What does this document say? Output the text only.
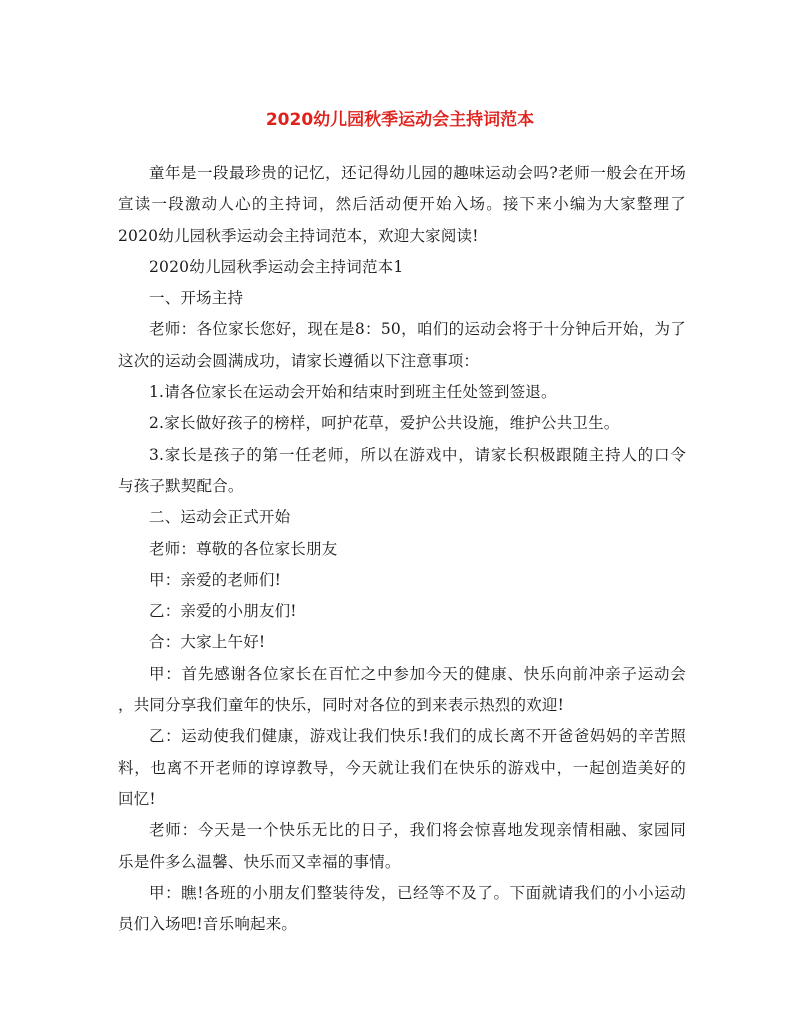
2020幼儿园秋季运动会主持词范本
童年是一段最珍贵的记忆，还记得幼儿园的趣味运动会吗?老师一般会在开场
宣读一段激动人心的主持词，然后活动便开始入场。接下来小编为大家整理了
2020幼儿园秋季运动会主持词范本，欢迎大家阅读!
2020幼儿园秋季运动会主持词范本1
一、开场主持
老师：各位家长您好，现在是8：50，咱们的运动会将于十分钟后开始，为了
这次的运动会圆满成功，请家长遵循以下注意事项：
1.请各位家长在运动会开始和结束时到班主任处签到签退。
2.家长做好孩子的榜样，呵护花草，爱护公共设施，维护公共卫生。
3.家长是孩子的第一任老师，所以在游戏中，请家长积极跟随主持人的口令
与孩子默契配合。
二、运动会正式开始
老师：尊敬的各位家长朋友
甲：亲爱的老师们!
乙：亲爱的小朋友们!
合：大家上午好!
甲：首先感谢各位家长在百忙之中参加今天的健康、快乐向前冲亲子运动会
，共同分享我们童年的快乐，同时对各位的到来表示热烈的欢迎!
乙：运动使我们健康，游戏让我们快乐!我们的成长离不开爸爸妈妈的辛苦照
料，也离不开老师的谆谆教导，今天就让我们在快乐的游戏中，一起创造美好的
回忆!
老师：今天是一个快乐无比的日子，我们将会惊喜地发现亲情相融、家园同
乐是件多么温馨、快乐而又幸福的事情。
甲：瞧!各班的小朋友们整装待发，已经等不及了。下面就请我们的小小运动
员们入场吧!音乐响起来。
